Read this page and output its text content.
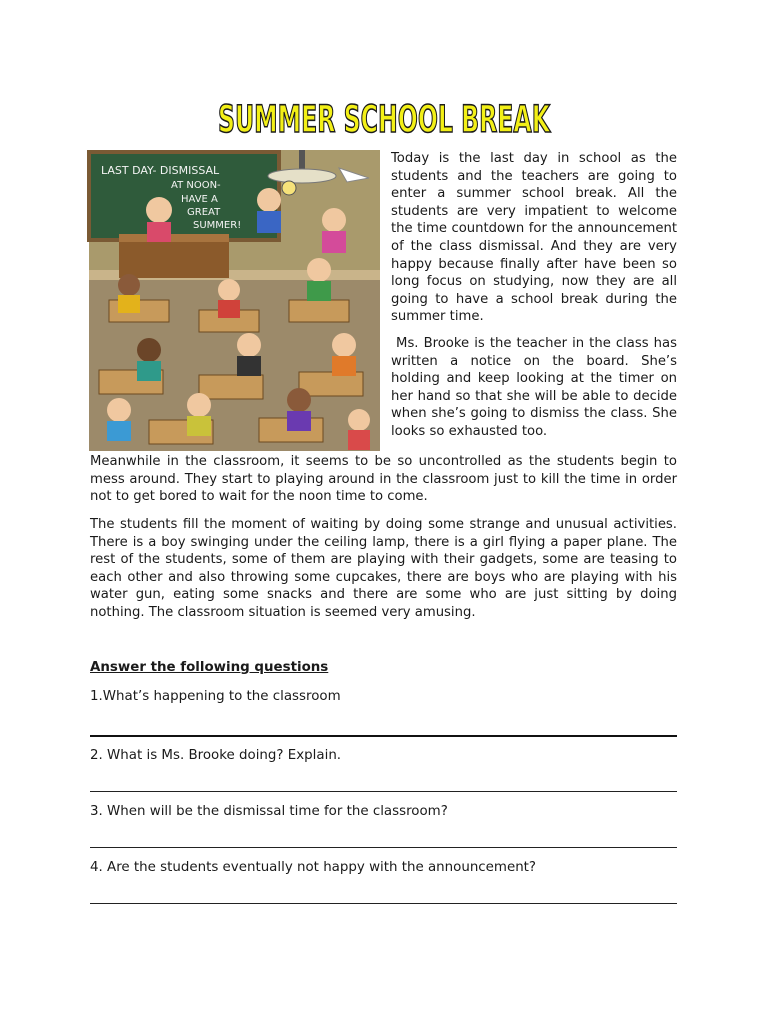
SUMMER SCHOOL BREAK
LAST DAY- DISMISSAL
AT NOON-
HAVE A
GREAT
SUMMER!

Today is the last day in school as the students and the teachers are going to enter a summer school break. All the students are very impatient to welcome the time countdown for the announcement of the class dismissal. And they are very happy because finally after have been so long focus on studying, now they are all going to have a school break during the summer time.

Ms. Brooke is the teacher in the class has written a notice on the board. She’s holding and keep looking at the timer on her hand so that she will be able to decide when she’s going to dismiss the class. She looks so exhausted too.

Meanwhile in the classroom, it seems to be so uncontrolled as the students begin to mess around. They start to playing around in the classroom just to kill the time in order not to get bored to wait for the noon time to come.
The students fill the moment of waiting by doing some strange and unusual activities. There is a boy swinging under the ceiling lamp, there is a girl flying a paper plane. The rest of the students, some of them are playing with their gadgets, some are teasing to each other and also throwing some cupcakes, there are boys who are playing with his water gun, eating some snacks and there are some who are just sitting by doing nothing. The classroom situation is seemed very amusing.
Answer the following questions
1.What’s happening to the classroom
2. What is Ms. Brooke doing? Explain.
3. When will be the dismissal time for the classroom?
4. Are the students eventually not happy with the announcement?
